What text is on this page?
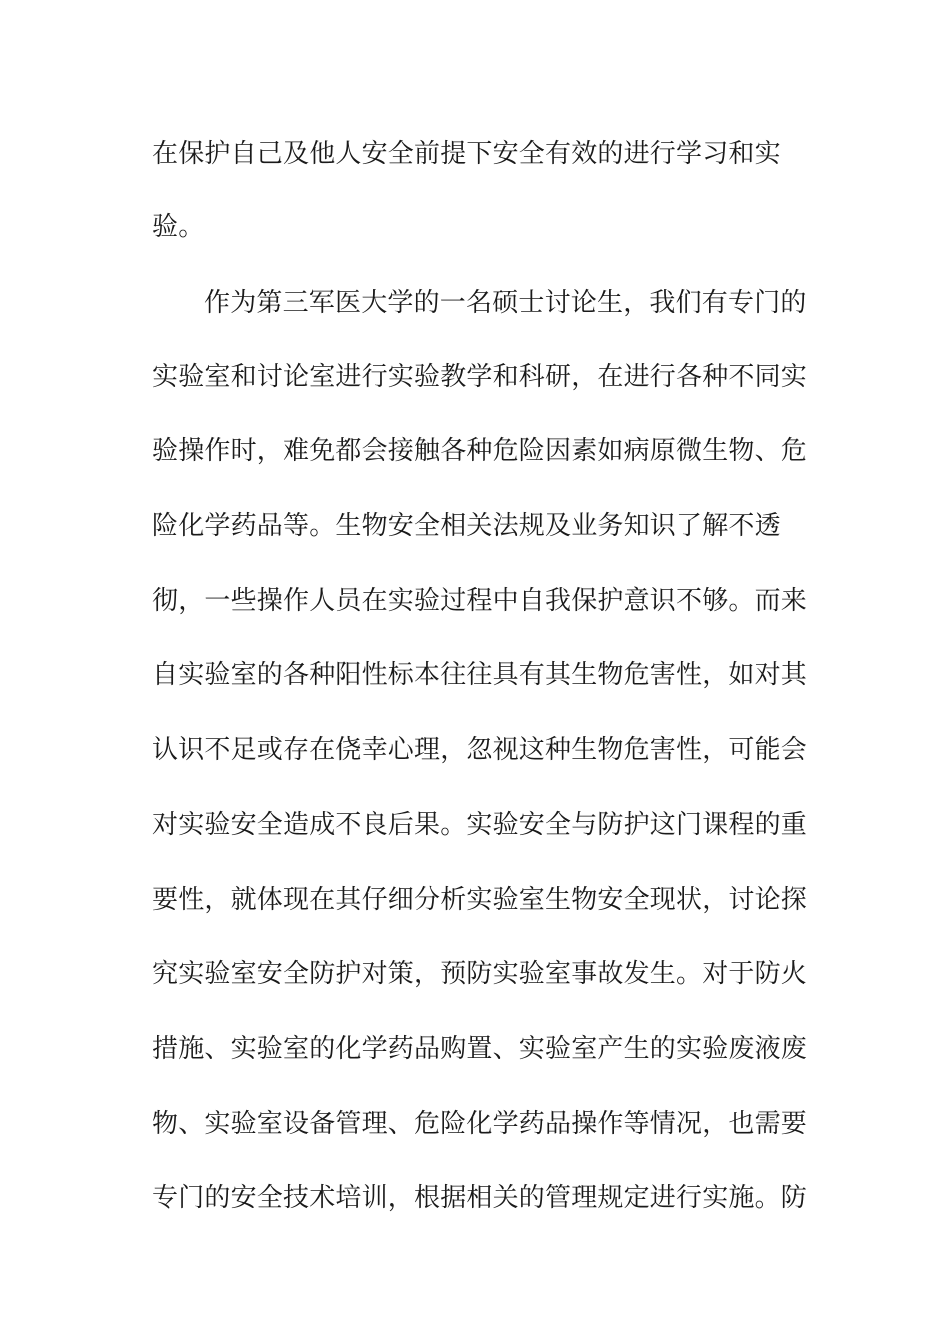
在保护自己及他人安全前提下安全有效的进行学习和实
验。
作为第三军医大学的一名硕士讨论生，我们有专门的
实验室和讨论室进行实验教学和科研，在进行各种不同实
验操作时，难免都会接触各种危险因素如病原微生物、危
险化学药品等。生物安全相关法规及业务知识了解不透
彻，一些操作人员在实验过程中自我保护意识不够。而来
自实验室的各种阳性标本往往具有其生物危害性，如对其
认识不足或存在侥幸心理，忽视这种生物危害性，可能会
对实验安全造成不良后果。实验安全与防护这门课程的重
要性，就体现在其仔细分析实验室生物安全现状，讨论探
究实验室安全防护对策，预防实验室事故发生。对于防火
措施、实验室的化学药品购置、实验室产生的实验废液废
物、实验室设备管理、危险化学药品操作等情况，也需要
专门的安全技术培训，根据相关的管理规定进行实施。防
